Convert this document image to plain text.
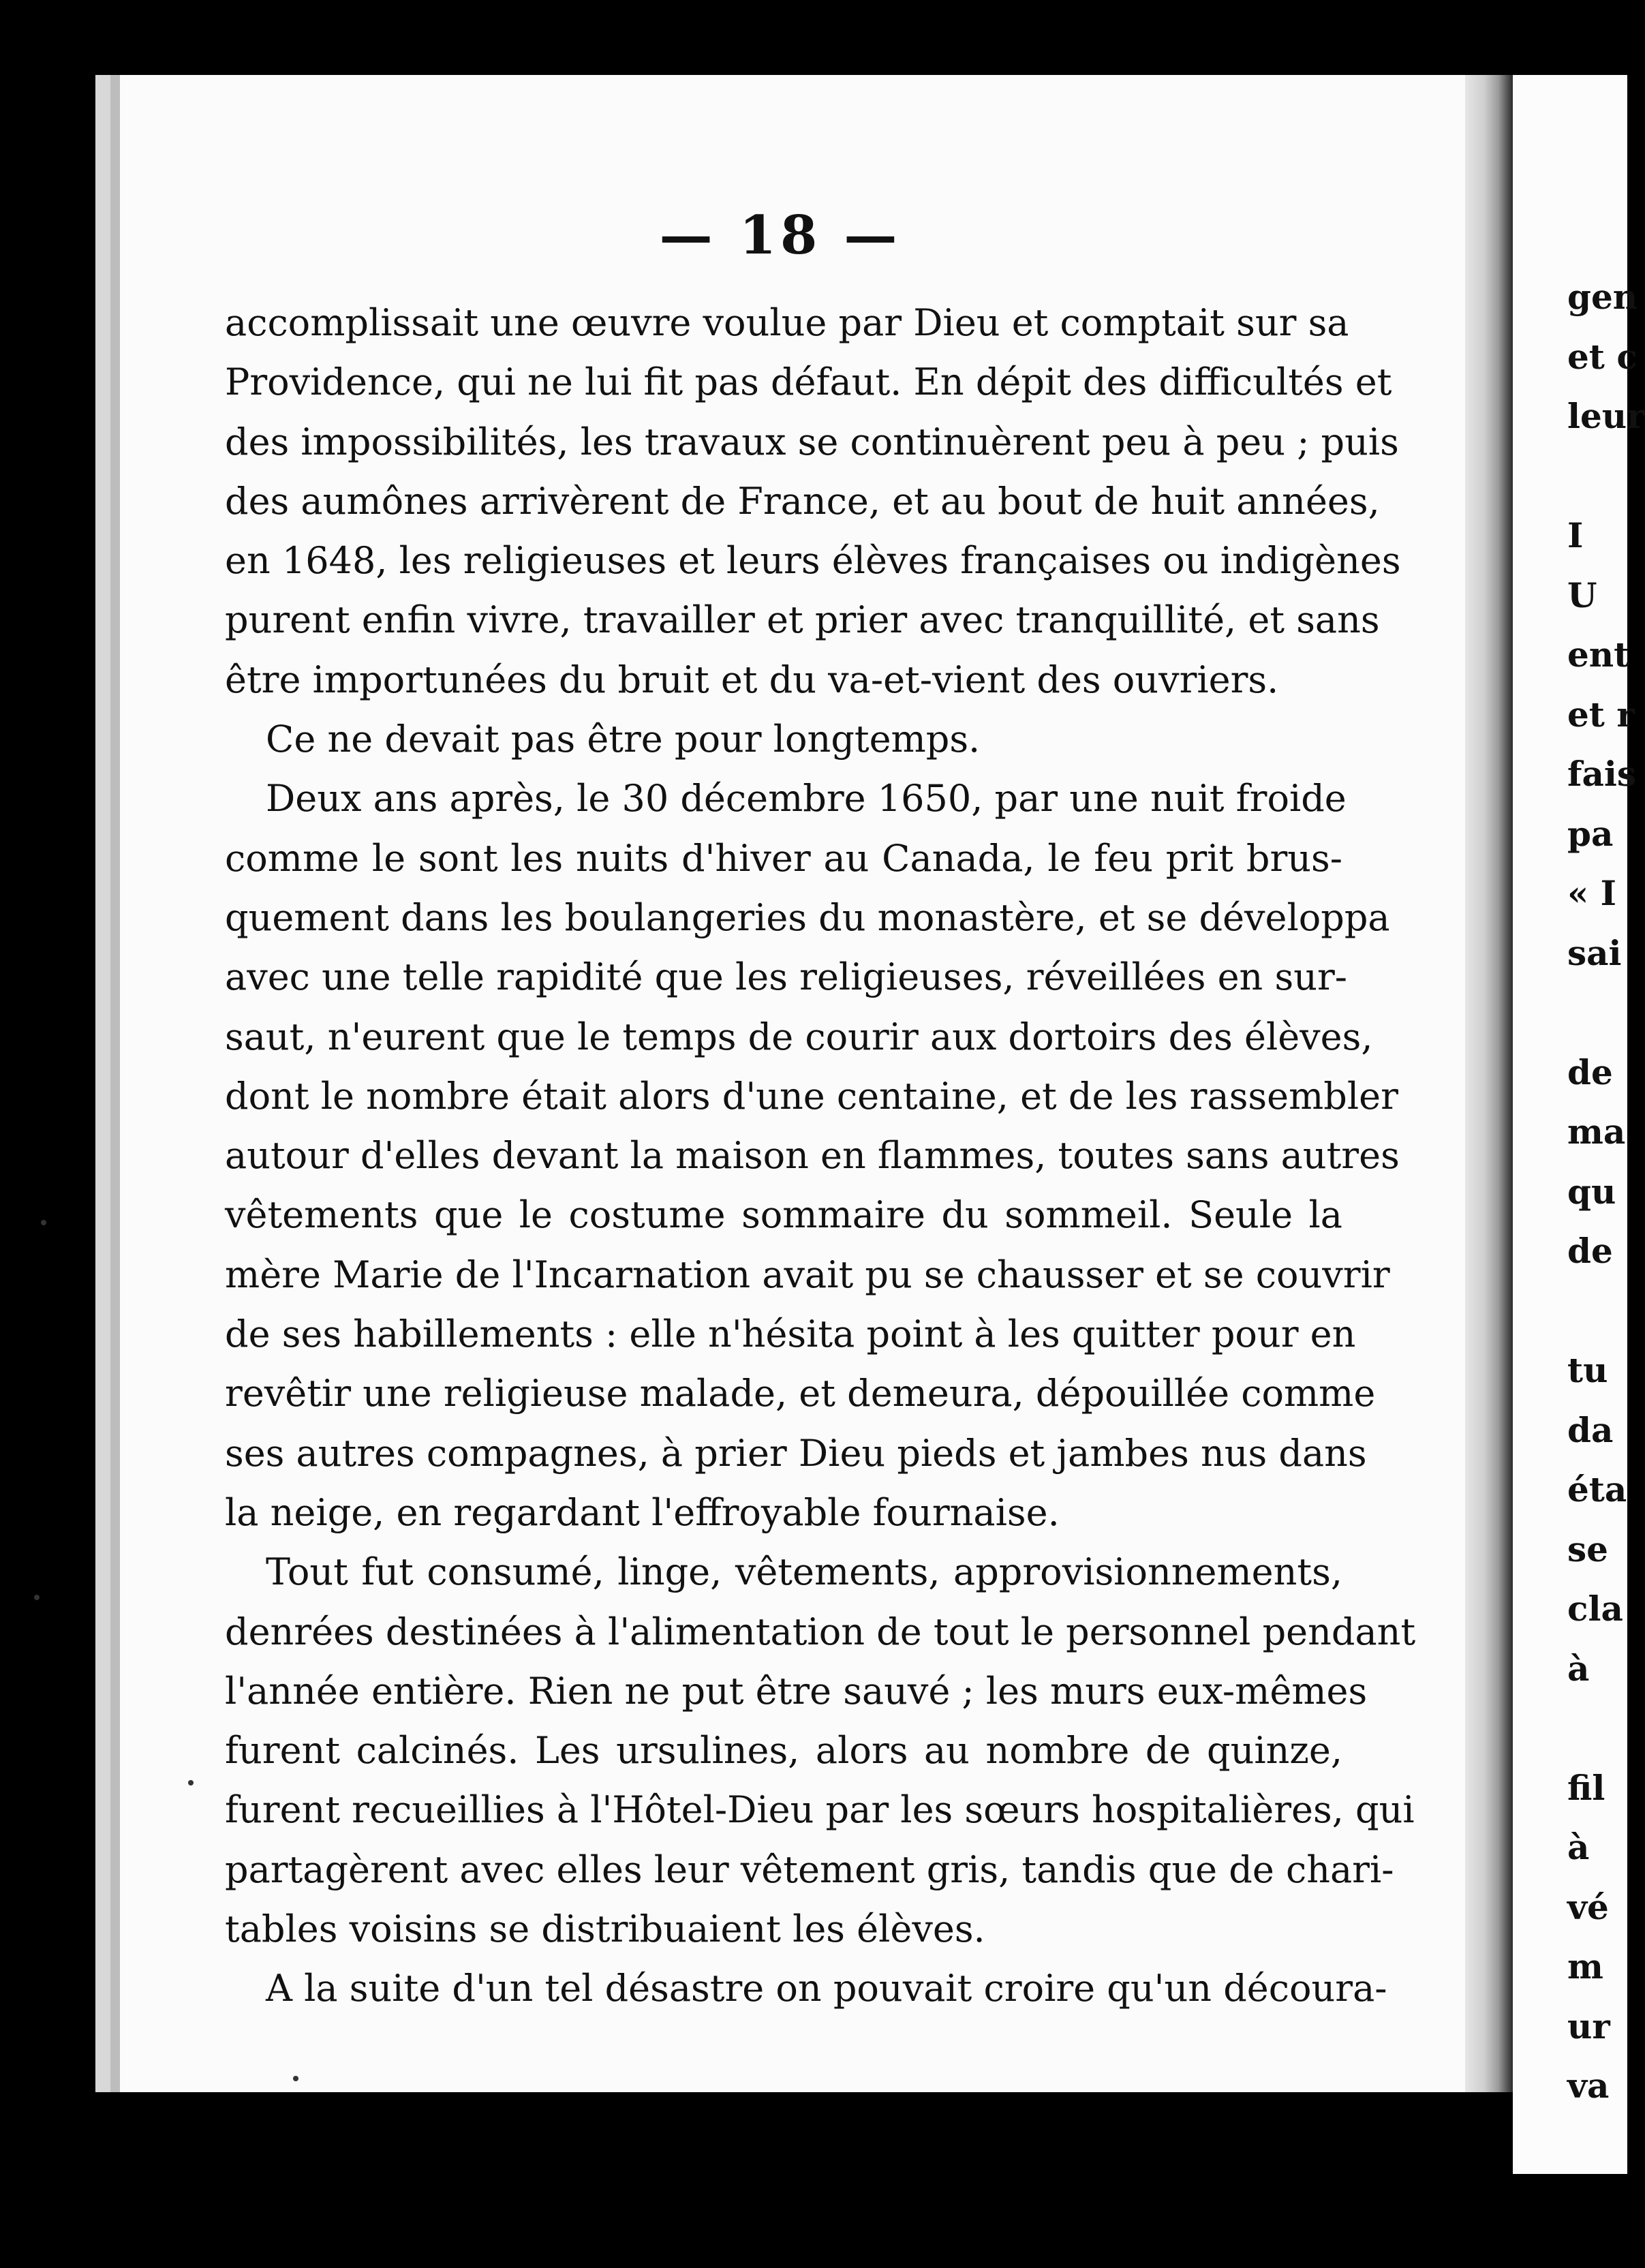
— 18 —
accomplissait une œuvre voulue par Dieu et comptait sur sa
Providence, qui ne lui fit pas défaut. En dépit des difficultés et
des impossibilités, les travaux se continuèrent peu à peu ; puis
des aumônes arrivèrent de France, et au bout de huit années,
en 1648, les religieuses et leurs élèves françaises ou indigènes
purent enfin vivre, travailler et prier avec tranquillité, et sans
être importunées du bruit et du va-et-vient des ouvriers.
Ce ne devait pas être pour longtemps.
Deux ans après, le 30 décembre 1650, par une nuit froide
comme le sont les nuits d'hiver au Canada, le feu prit brus-
quement dans les boulangeries du monastère, et se développa
avec une telle rapidité que les religieuses, réveillées en sur-
saut, n'eurent que le temps de courir aux dortoirs des élèves,
dont le nombre était alors d'une centaine, et de les rassembler
autour d'elles devant la maison en flammes, toutes sans autres
vêtements que le costume sommaire du sommeil. Seule la
mère Marie de l'Incarnation avait pu se chausser et se couvrir
de ses habillements : elle n'hésita point à les quitter pour en
revêtir une religieuse malade, et demeura, dépouillée comme
ses autres compagnes, à prier Dieu pieds et jambes nus dans
la neige, en regardant l'effroyable fournaise.
Tout fut consumé, linge, vêtements, approvisionnements,
denrées destinées à l'alimentation de tout le personnel pendant
l'année entière. Rien ne put être sauvé ; les murs eux-mêmes
furent calcinés. Les ursulines, alors au nombre de quinze,
furent recueillies à l'Hôtel-Dieu par les sœurs hospitalières, qui
partagèrent avec elles leur vêtement gris, tandis que de chari-
tables voisins se distribuaient les élèves.
A la suite d'un tel désastre on pouvait croire qu'un découra-
gen
et c
leur
I
U
ent
et r
fais
pa
« I
sai
de
ma
qu
de
tu
da
éta
se
cla
à
fil
à
vé
m
ur
va
